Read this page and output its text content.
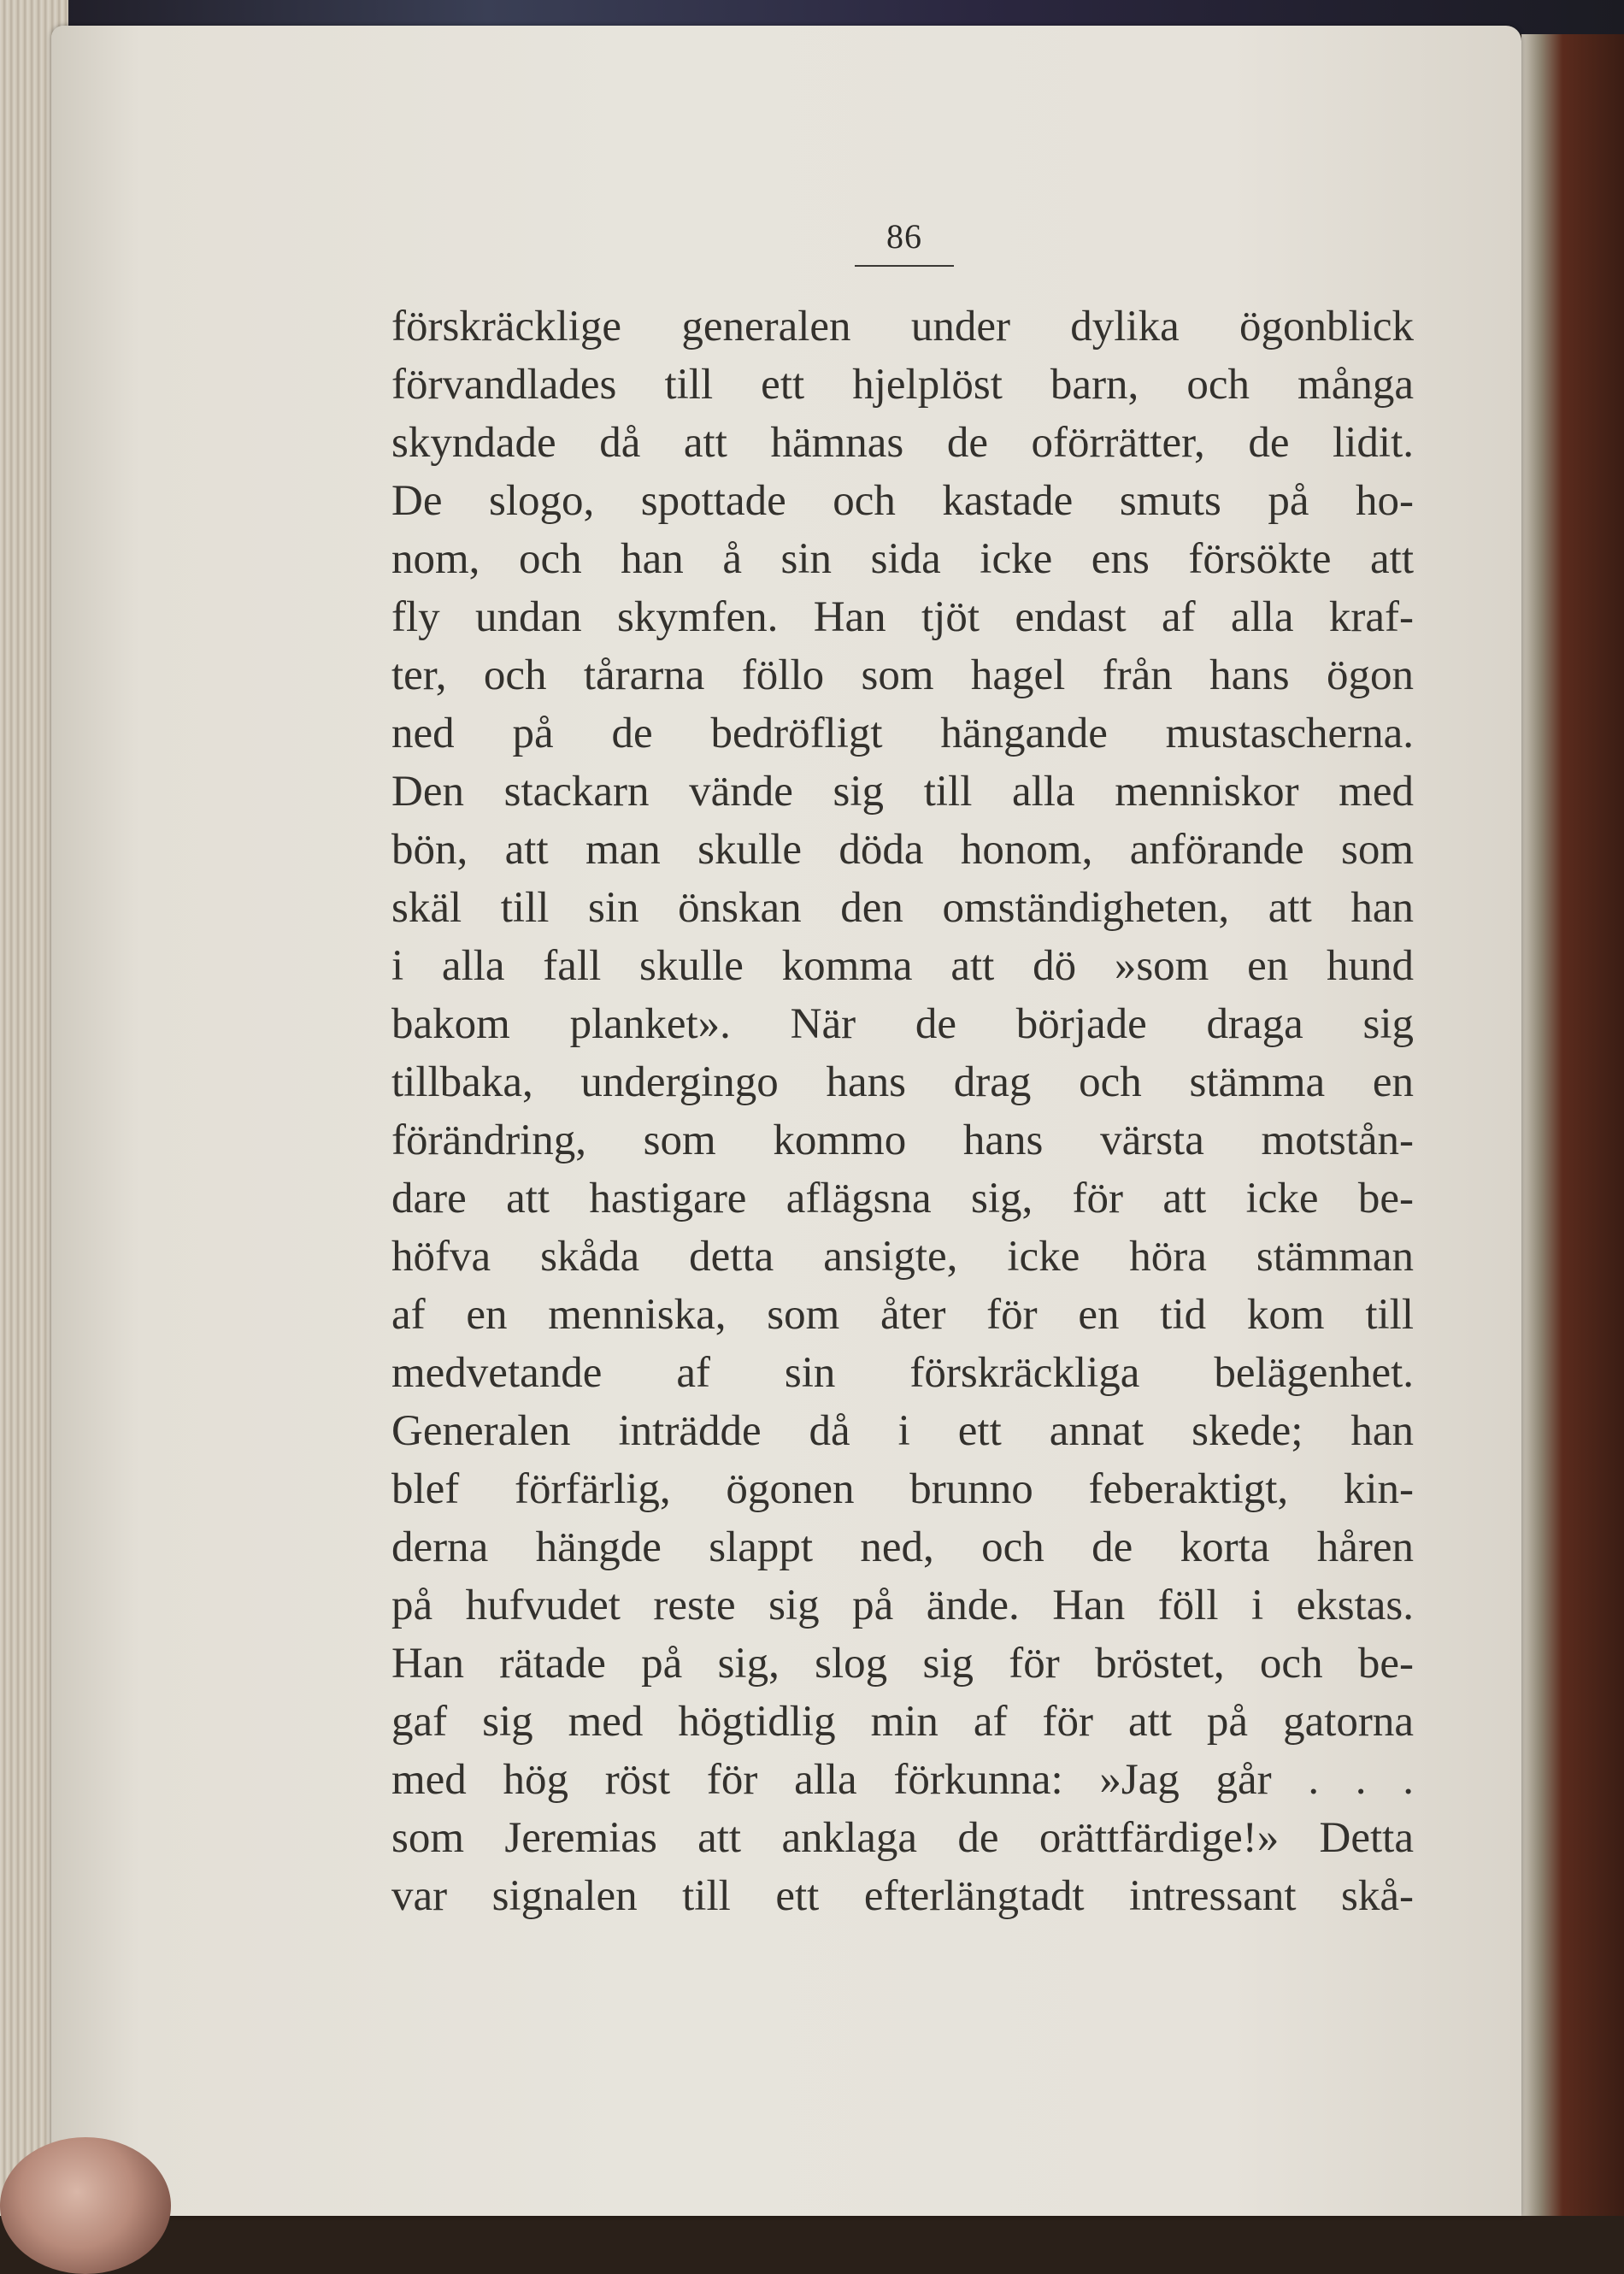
86
förskräcklige generalen under dylika ögonblick
förvandlades till ett hjelplöst barn, och många
skyndade då att hämnas de oförrätter, de lidit.
De slogo, spottade och kastade smuts på ho-
nom, och han å sin sida icke ens försökte att
fly undan skymfen. Han tjöt endast af alla kraf-
ter, och tårarna föllo som hagel från hans ögon
ned på de bedröfligt hängande mustascherna.
Den stackarn vände sig till alla menniskor med
bön, att man skulle döda honom, anförande som
skäl till sin önskan den omständigheten, att han
i alla fall skulle komma att dö »som en hund
bakom planket». När de började draga sig
tillbaka, undergingo hans drag och stämma en
förändring, som kommo hans värsta motstån-
dare att hastigare aflägsna sig, för att icke be-
höfva skåda detta ansigte, icke höra stämman
af en menniska, som åter för en tid kom till
medvetande af sin förskräckliga belägenhet.
Generalen inträdde då i ett annat skede; han
blef förfärlig, ögonen brunno feberaktigt, kin-
derna hängde slappt ned, och de korta håren
på hufvudet reste sig på ände. Han föll i ekstas.
Han rätade på sig, slog sig för bröstet, och be-
gaf sig med högtidlig min af för att på gatorna
med hög röst för alla förkunna: »Jag går . . .
som Jeremias att anklaga de orättfärdige!» Detta
var signalen till ett efterlängtadt intressant skå-
